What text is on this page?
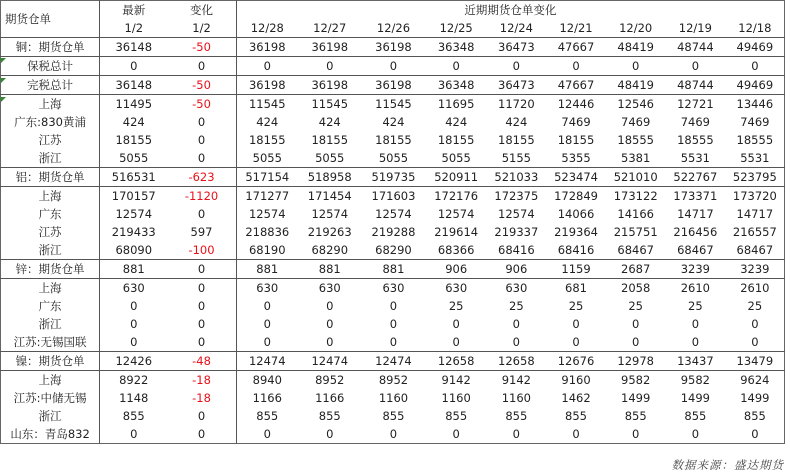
期货仓单	最新	变化	近期期货仓单变化								
	1/2	1/2	12/28	12/27	12/26	12/25	12/24	12/21	12/20	12/19	12/18
铜：期货仓单	36148	-50	36198	36198	36198	36348	36473	47667	48419	48744	49469
保税总计	0	0	0	0	0	0	0	0	0	0	0
完税总计	36148	-50	36198	36198	36198	36348	36473	47667	48419	48744	49469
上海	11495	-50	11545	11545	11545	11695	11720	12446	12546	12721	13446
广东:830黄浦	424	0	424	424	424	424	424	7469	7469	7469	7469
江苏	18155	0	18155	18155	18155	18155	18155	18155	18555	18555	18555
浙江	5055	0	5055	5055	5055	5055	5155	5355	5381	5531	5531
铝：期货仓单	516531	-623	517154	518958	519735	520911	521033	523474	521010	522767	523795
上海	170157	-1120	171277	171454	171603	172176	172375	172849	173122	173371	173720
广东	12574	0	12574	12574	12574	12574	12574	14066	14166	14717	14717
江苏	219433	597	218836	219263	219288	219614	219337	219364	215751	216456	216557
浙江	68090	-100	68190	68290	68290	68366	68416	68416	68467	68467	68467
锌：期货仓单	881	0	881	881	881	906	906	1159	2687	3239	3239
上海	630	0	630	630	630	630	630	681	2058	2610	2610
广东	0	0	0	0	0	25	25	25	25	25	25
浙江	0	0	0	0	0	0	0	0	0	0	0
江苏:无锡国联	0	0	0	0	0	0	0	0	0	0	0
镍：期货仓单	12426	-48	12474	12474	12474	12658	12658	12676	12978	13437	13479
上海	8922	-18	8940	8952	8952	9142	9142	9160	9582	9582	9624
江苏:中储无锡	1148	-18	1166	1166	1160	1160	1160	1462	1499	1499	1499
浙江	855	0	855	855	855	855	855	855	855	855	855
山东：青岛832	0	0	0	0	0	0	0	0	0	0	0
数据来源：盛达期货
